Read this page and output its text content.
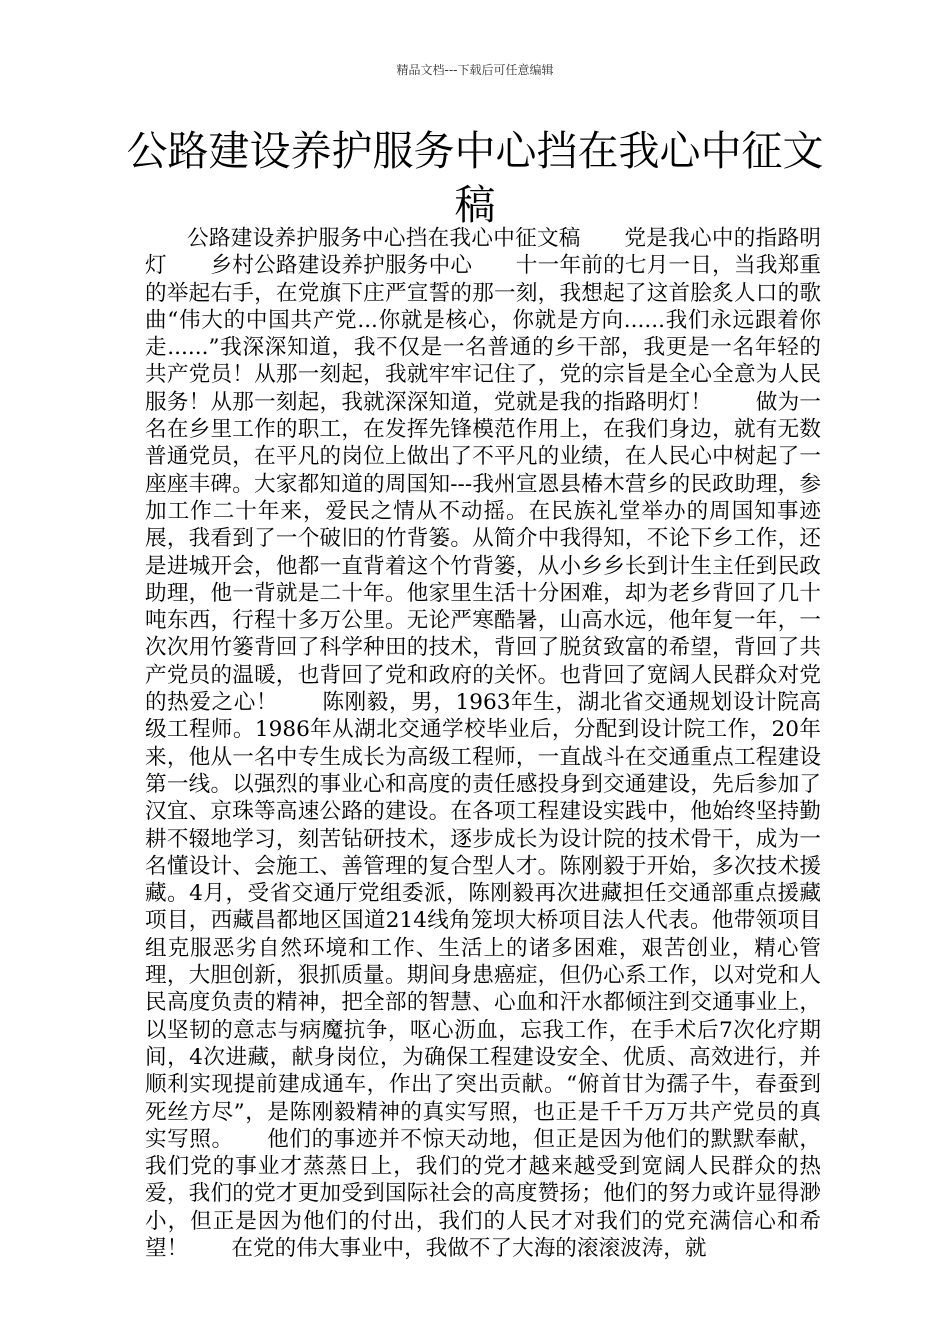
精品文档---下载后可任意编辑
公路建设养护服务中心挡在我心中征文稿

公路建设养护服务中心挡在我心中征文稿　　党是我心中的指路明灯　　乡村公路建设养护服务中心　　十一年前的七月一日，当我郑重的举起右手，在党旗下庄严宣誓的那一刻，我想起了这首脍炙人口的歌曲“伟大的中国共产党...你就是核心，你就是方向......我们永远跟着你走......”我深深知道，我不仅是一名普通的乡干部，我更是一名年轻的共产党员！从那一刻起，我就牢牢记住了，党的宗旨是全心全意为人民服务！从那一刻起，我就深深知道，党就是我的指路明灯！　　做为一名在乡里工作的职工，在发挥先锋模范作用上，在我们身边，就有无数普通党员，在平凡的岗位上做出了不平凡的业绩，在人民心中树起了一座座丰碑。大家都知道的周国知---我州宣恩县椿木营乡的民政助理，参加工作二十年来，爱民之情从不动摇。在民族礼堂举办的周国知事迹展，我看到了一个破旧的竹背篓。从简介中我得知，不论下乡工作，还是进城开会，他都一直背着这个竹背篓，从小乡乡长到计生主任到民政助理，他一背就是二十年。他家里生活十分困难，却为老乡背回了几十吨东西，行程十多万公里。无论严寒酷暑，山高水远，他年复一年，一次次用竹篓背回了科学种田的技术，背回了脱贫致富的希望，背回了共产党员的温暖，也背回了党和政府的关怀。也背回了宽阔人民群众对党的热爱之心！　　陈刚毅，男，1963年生，湖北省交通规划设计院高级工程师。1986年从湖北交通学校毕业后，分配到设计院工作，20年来，他从一名中专生成长为高级工程师，一直战斗在交通重点工程建设第一线。以强烈的事业心和高度的责任感投身到交通建设，先后参加了汉宜、京珠等高速公路的建设。在各项工程建设实践中，他始终坚持勤耕不辍地学习，刻苦钻研技术，逐步成长为设计院的技术骨干，成为一名懂设计、会施工、善管理的复合型人才。陈刚毅于开始，多次技术援藏。4月，受省交通厅党组委派，陈刚毅再次进藏担任交通部重点援藏项目，西藏昌都地区国道214线角笼坝大桥项目法人代表。他带领项目组克服恶劣自然环境和工作、生活上的诸多困难，艰苦创业，精心管理，大胆创新，狠抓质量。期间身患癌症，但仍心系工作，以对党和人民高度负责的精神，把全部的智慧、心血和汗水都倾注到交通事业上，以坚韧的意志与病魔抗争，呕心沥血，忘我工作，在手术后7次化疗期间，4次进藏，献身岗位，为确保工程建设安全、优质、高效进行，并顺利实现提前建成通车，作出了突出贡献。“俯首甘为孺子牛，春蚕到死丝方尽”，是陈刚毅精神的真实写照，也正是千千万万共产党员的真实写照。　　他们的事迹并不惊天动地，但正是因为他们的默默奉献，我们党的事业才蒸蒸日上，我们的党才越来越受到宽阔人民群众的热爱，我们的党才更加受到国际社会的高度赞扬；他们的努力或许显得渺小，但正是因为他们的付出，我们的人民才对我们的党充满信心和希望！　　在党的伟大事业中，我做不了大海的滚滚波涛，就
